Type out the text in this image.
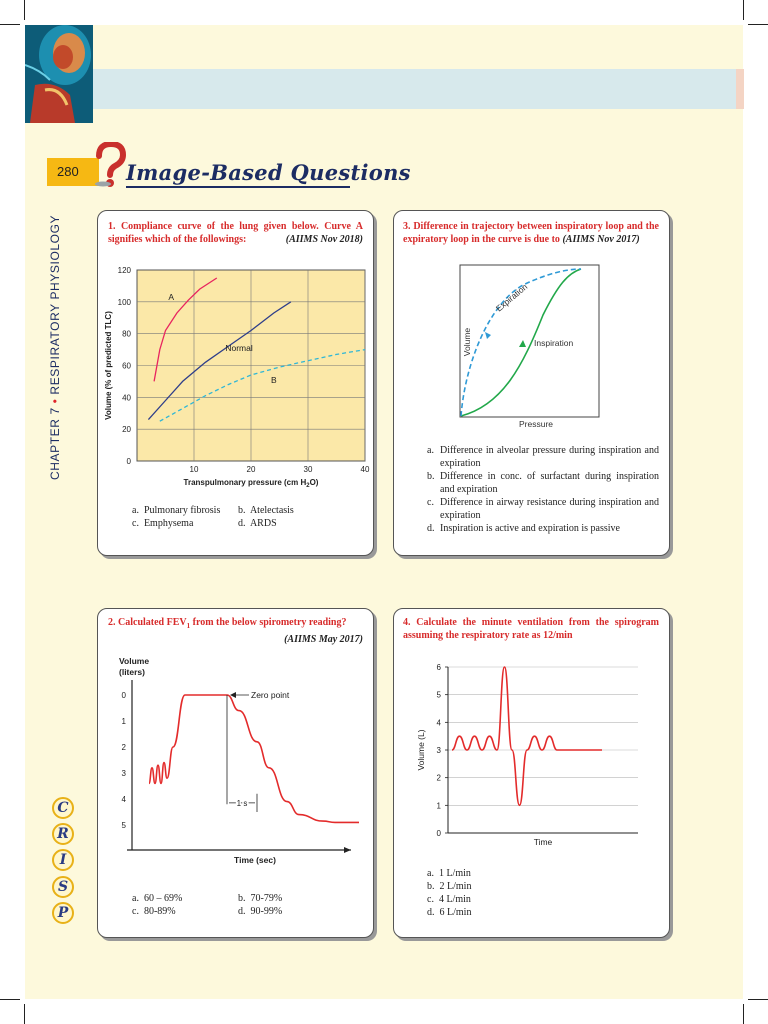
280	Image-Based Questions
CHAPTER 7 • RESPIRATORY PHYSIOLOGY
C
R
I
S
P
1. Compliance curve of the lung given below. Curve A signifies which of the followings:	(AIIMS Nov 2018)
10	20	30	40
0
20
40
60
80
100
120
A
Normal
B
Transpulmonary pressure (cm $H_2O$)
Volume (% of predicted TLC)
a. Pulmonary fibrosis b. Atelectasis
c. Emphysema	d. ARDS
3. Difference in trajectory between inspiratory loop and the expiratory loop in the curve is due to (AIIMS Nov 2017)
Expiration
Inspiration
Volume
Pressure
a. Difference in alveolar pressure during inspiration and expiration
b. Difference in conc. of surfactant during inspiration and expiration
c. Difference in airway resistance during inspiration and expiration
d. Inspiration is active and expiration is passive
2. Calculated $FEV_1$ from the below spirometry reading?
(AIIMS May 2017)
Volume
(liters)
0
1
2
3
4
5
Zero point
1 s
Time (sec)
a. 60 – 69%	b. 70-79%
c. 80-89%	d. 90-99%
4. Calculate the minute ventilation from the spirogram assuming the respiratory rate as 12/min
0
1
2
3
4
5
6
Time
Volume (L)
a. 1 L/min
b. 2 L/min
c. 4 L/min
d. 6 L/min
